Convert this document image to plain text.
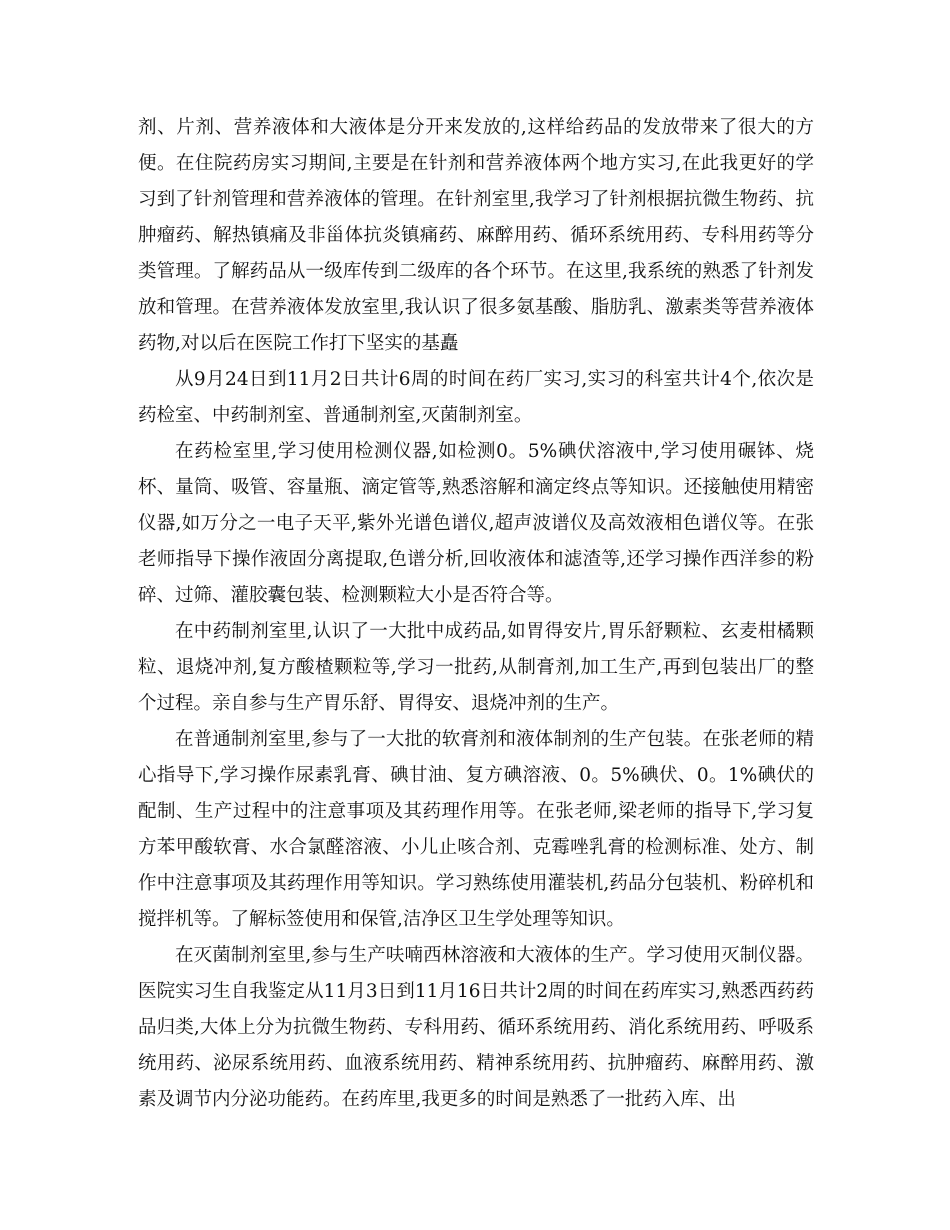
剂、片剂、营养液体和大液体是分开来发放的,这样给药品的发放带来了很大的方便。在住院药房实习期间,主要是在针剂和营养液体两个地方实习,在此我更好的学习到了针剂管理和营养液体的管理。在针剂室里,我学习了针剂根据抗微生物药、抗肿瘤药、解热镇痛及非甾体抗炎镇痛药、麻醉用药、循环系统用药、专科用药等分类管理。了解药品从一级库传到二级库的各个环节。在这里,我系统的熟悉了针剂发放和管理。在营养液体发放室里,我认识了很多氨基酸、脂肪乳、激素类等营养液体药物,对以后在医院工作打下坚实的基矗

从9月24日到11月2日共计6周的时间在药厂实习,实习的科室共计4个,依次是药检室、中药制剂室、普通制剂室,灭菌制剂室。

在药检室里,学习使用检测仪器,如检测0。5%碘伏溶液中,学习使用碾钵、烧杯、量筒、吸管、容量瓶、滴定管等,熟悉溶解和滴定终点等知识。还接触使用精密仪器,如万分之一电子天平,紫外光谱色谱仪,超声波谱仪及高效液相色谱仪等。在张老师指导下操作液固分离提取,色谱分析,回收液体和滤渣等,还学习操作西洋参的粉碎、过筛、灌胶囊包装、检测颗粒大小是否符合等。

在中药制剂室里,认识了一大批中成药品,如胃得安片,胃乐舒颗粒、玄麦柑橘颗粒、退烧冲剂,复方酸楂颗粒等,学习一批药,从制膏剂,加工生产,再到包装出厂的整个过程。亲自参与生产胃乐舒、胃得安、退烧冲剂的生产。

在普通制剂室里,参与了一大批的软膏剂和液体制剂的生产包装。在张老师的精心指导下,学习操作尿素乳膏、碘甘油、复方碘溶液、0。5%碘伏、0。1%碘伏的配制、生产过程中的注意事项及其药理作用等。在张老师,梁老师的指导下,学习复方苯甲酸软膏、水合氯醛溶液、小儿止咳合剂、克霉唑乳膏的检测标准、处方、制作中注意事项及其药理作用等知识。学习熟练使用灌装机,药品分包装机、粉碎机和搅拌机等。了解标签使用和保管,洁净区卫生学处理等知识。

在灭菌制剂室里,参与生产呋喃西林溶液和大液体的生产。学习使用灭制仪器。医院实习生自我鉴定从11月3日到11月16日共计2周的时间在药库实习,熟悉西药药品归类,大体上分为抗微生物药、专科用药、循环系统用药、消化系统用药、呼吸系统用药、泌尿系统用药、血液系统用药、精神系统用药、抗肿瘤药、麻醉用药、激素及调节内分泌功能药。在药库里,我更多的时间是熟悉了一批药入库、出
